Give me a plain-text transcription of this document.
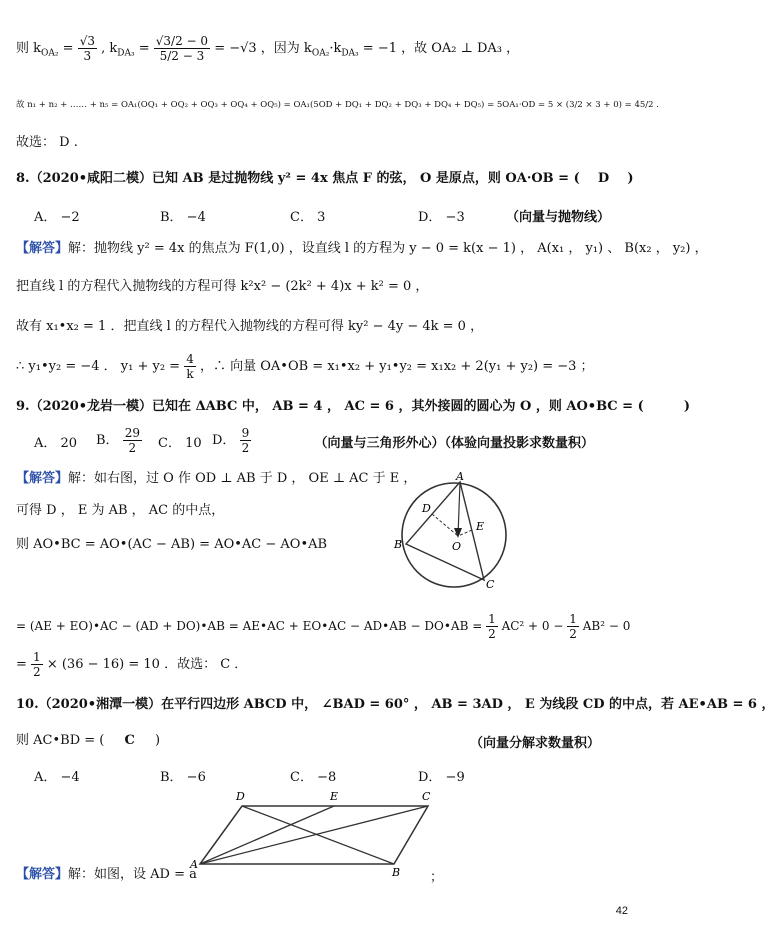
则 $k_{OA_2} = \frac{√3}{3}$ , $k_{DA_3} = \frac{√3/2 - 0}{5/2 - 3} = -√3$ ，因为 $k_{OA_2}\cdot k_{DA_3} = -1$ ，故 OA₂ ⊥ DA₃ ，
故 n₁ + n₂ + …… + n₅ = OA₁(OQ₁ + OQ₂ + OQ₃ + OQ₄ + OQ₅) = OA₁(5OD + DQ₁ + DQ₂ + DQ₃ + DQ₄ + DQ₅) = 5OA₁·OD = 5 × (3/2 × 3 + 0) = 45/2 .
故选： D .
8.（2020•咸阳二模）已知 AB 是过抛物线 y² = 4x 焦点 F 的弦， O 是原点，则 OA·OB = ( D )
A． −2	B． −4	C． 3	D． −3	（向量与抛物线）
【解答】解：抛物线 y² = 4x 的焦点为 F(1,0) ，设直线 l 的方程为 y − 0 = k(x − 1) ， A(x₁ ， y₁) 、 B(x₂ ， y₂) ，
把直线 l 的方程代入抛物线的方程可得 k²x² − (2k² + 4)x + k² = 0 ，
故有 x₁•x₂ = 1 ．把直线 l 的方程代入抛物线的方程可得 ky² − 4y − 4k = 0 ，
∴ y₁•y₂ = −4 ． $y_1 + y_2 = \frac{4}{k}$ ，∴ 向量 OA•OB = x₁•x₂ + y₁•y₂ = x₁x₂ + 2(y₁ + y₂) = −3 ；
9.（2020•龙岩一模）已知在 ΔABC 中， AB = 4 ， AC = 6 ，其外接圆的圆心为 O ，则 AO•BC = (	)
A． 20 B． $\frac{29}{2}$ C． 10 D． $\frac{9}{2}$	（向量与三角形外心）（体验向量投影求数量积）
【解答】解：如右图，过 O 作 OD ⊥ AB 于 D ， OE ⊥ AC 于 E ，
可得 D ， E 为 AB ， AC 的中点，
则 AO•BC = AO•(AC − AB) = AO•AC − AO•AB
A
D
E
O
B
C
= (AE + EO)•AC − (AD + DO)•AB = AE•AC + EO•AC − AD•AB − DO•AB = $\frac{1}{2} AC^2 + 0 - \frac{1}{2} AB^2 - 0$
= $\frac{1}{2} \times (36 - 16) = 10$ ．故选： C ．
10.（2020•湘潭一模）在平行四边形 ABCD 中， ∠BAD = 60° ， AB = 3AD ， E 为线段 CD 的中点，若 AE•AB = 6 ，
则 AC•BD = ( C )	（向量分解求数量积）
A． −4	B． −6	C． −8	D． −9
D	E	C
A
B
【解答】解：如图，设 AD = a	；
42
